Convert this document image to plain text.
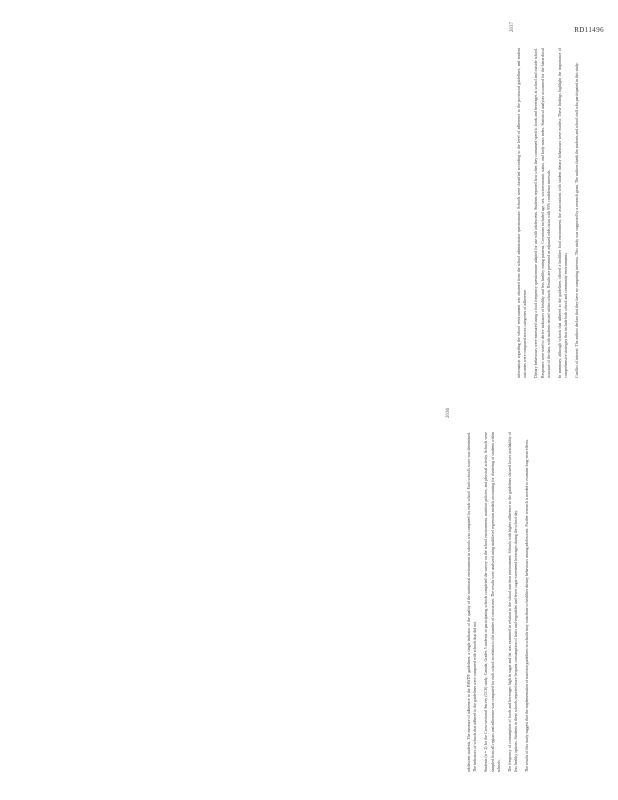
RD11496
2036

adolescent students. The measure of adherence to the PAWDY guidelines, a single indicator of the quality of the nutritional environment in schools was computed for each school. Each school's score was determined. The indicators of schools that adhered to the guidelines were compared with schools that did not.	Students (n = 2) for the Cross-sectional Survey (CCS) study, Canada, Grades 5 students in participating schools completed the survey on the school environment, nutrition policies, and physical activity. Schools were sampled from all regions and adherence was computed for each school in relation to the number of criteria met. The results were analyzed using multilevel regression models accounting for clustering of students within schools.	The frequency of consumption of foods and beverages high in sugar and fat was examined in relation to the school nutrition environment. Schools with higher adherence to the guidelines showed lower availability of less healthy options. Students in these schools reported more frequent consumption of fruits and vegetables and fewer sugar-sweetened beverages during the school day.	The results of this study suggest that the implementation of nutrition guidelines in schools may contribute to healthier dietary behaviours among adolescents. Further research is needed to examine long-term effects.

2037

information regarding the school environment was obtained from the school administrator questionnaire. Schools were classified according to the level of adherence to the provincial guidelines, and student outcomes were compared across categories of adherence.	Dietary behaviours were measured using a food frequency questionnaire adapted for use with adolescents. Students reported how often they consumed specific foods and beverages at school and outside school. Responses were used to derive indicators of healthy and less healthy eating patterns. Covariates included age, sex, socioeconomic status, and body mass index. Statistical analyses accounted for the hierarchical structure of the data, with students nested within schools. Results are presented as adjusted odds ratios with 95% confidence intervals.	In summary, although schools that adhered to the guidelines offered a healthier food environment, the associations with student dietary behaviours were modest. These findings highlight the importance of comprehensive strategies that include both school and community environments.	Conflict of interest: The authors declare that they have no competing interests. This study was supported by a research grant. The authors thank the students and school staff who participated in this study.
